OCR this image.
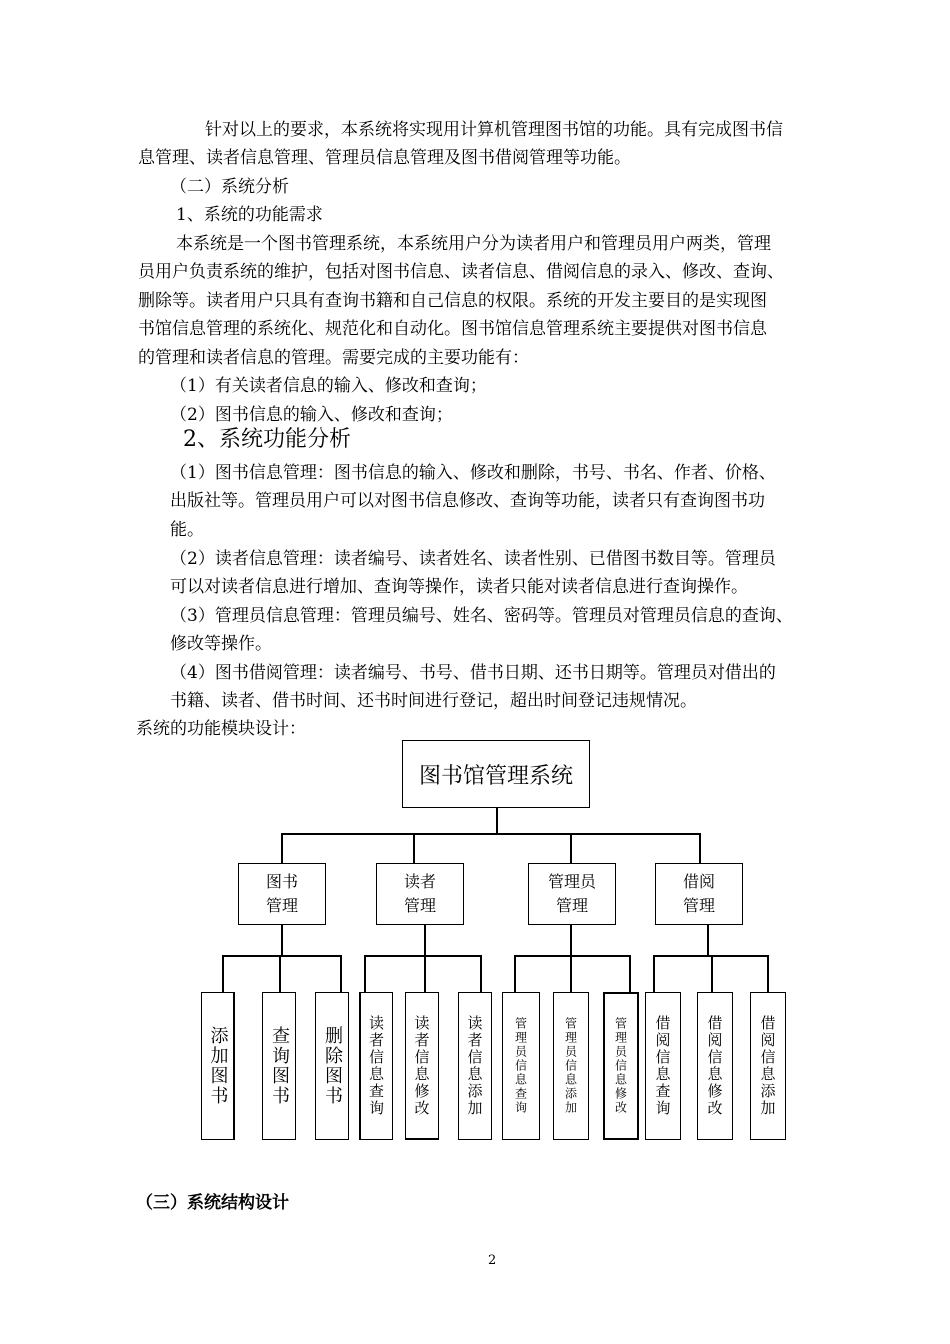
针对以上的要求，本系统将实现用计算机管理图书馆的功能。具有完成图书信
息管理、读者信息管理、管理员信息管理及图书借阅管理等功能。
（二）系统分析
1、系统的功能需求
本系统是一个图书管理系统，本系统用户分为读者用户和管理员用户两类，管理
员用户负责系统的维护，包括对图书信息、读者信息、借阅信息的录入、修改、查询、
删除等。读者用户只具有查询书籍和自己信息的权限。系统的开发主要目的是实现图
书馆信息管理的系统化、规范化和自动化。图书馆信息管理系统主要提供对图书信息
的管理和读者信息的管理。需要完成的主要功能有：
（1）有关读者信息的输入、修改和查询；
（2）图书信息的输入、修改和查询；
2、系统功能分析
（1）图书信息管理：图书信息的输入、修改和删除，书号、书名、作者、价格、
出版社等。管理员用户可以对图书信息修改、查询等功能，读者只有查询图书功
能。
（2）读者信息管理：读者编号、读者姓名、读者性别、已借图书数目等。管理员
可以对读者信息进行增加、查询等操作，读者只能对读者信息进行查询操作。
（3）管理员信息管理：管理员编号、姓名、密码等。管理员对管理员信息的查询、
修改等操作。
（4）图书借阅管理：读者编号、书号、借书日期、还书日期等。管理员对借出的
书籍、读者、借书时间、还书时间进行登记，超出时间登记违规情况。
系统的功能模块设计：
图书馆管理系统
图书
管理
读者
管理
管理员
管理
借阅
管理
添加图书 查询图书 删除图书 读者信息查询 读者信息修改 读者信息添加	管理员信息查询	管理员信息添加	管理员信息修改 借阅信息查询 借阅信息修改 借阅信息添加
（三）系统结构设计
2
